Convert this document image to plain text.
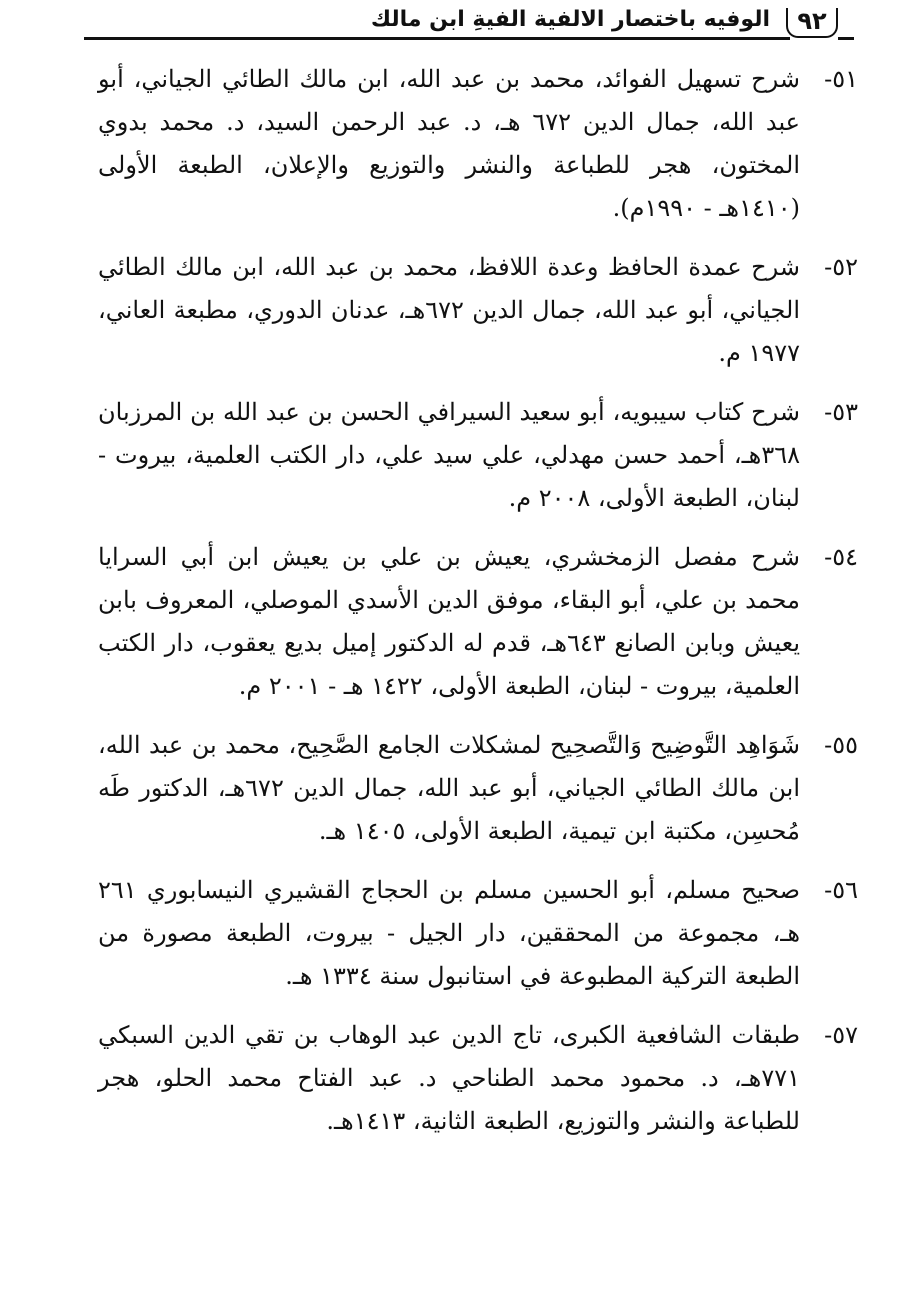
٩٢
الوفيه باختصار الالفية الفيةِ ابن مالك
٥١-
شرح تسهيل الفوائد، محمد بن عبد الله، ابن مالك الطائي الجياني، أبو عبد الله، جمال الدين ٦٧٢ هـ، د. عبد الرحمن السيد، د. محمد بدوي المختون، هجر للطباعة والنشر والتوزيع والإعلان، الطبعة الأولى (١٤١٠هـ - ١٩٩٠م).
٥٢-
شرح عمدة الحافظ وعدة اللافظ، محمد بن عبد الله، ابن مالك الطائي الجياني، أبو عبد الله، جمال الدين ٦٧٢هـ، عدنان الدوري، مطبعة العاني، ١٩٧٧ م.
٥٣-
شرح كتاب سيبويه، أبو سعيد السيرافي الحسن بن عبد الله بن المرزبان ٣٦٨هـ، أحمد حسن مهدلي، علي سيد علي، دار الكتب العلمية، بيروت - لبنان، الطبعة الأولى، ٢٠٠٨ م.
٥٤-
شرح مفصل الزمخشري، يعيش بن علي بن يعيش ابن أبي السرايا محمد بن علي، أبو البقاء، موفق الدين الأسدي الموصلي، المعروف بابن يعيش وبابن الصانع ٦٤٣هـ، قدم له الدكتور إميل بديع يعقوب، دار الكتب العلمية، بيروت - لبنان، الطبعة الأولى، ١٤٢٢ هـ - ٢٠٠١ م.
٥٥-
شَوَاهِد التَّوضِيح وَالتَّصحِيح لمشكلات الجامع الصَّحِيح، محمد بن عبد الله، ابن مالك الطائي الجياني، أبو عبد الله، جمال الدين ٦٧٢هـ، الدكتور طَه مُحسِن، مكتبة ابن تيمية، الطبعة الأولى، ١٤٠٥ هـ.
٥٦-
صحيح مسلم، أبو الحسين مسلم بن الحجاج القشيري النيسابوري ٢٦١ هـ، مجموعة من المحققين، دار الجيل - بيروت، الطبعة مصورة من الطبعة التركية المطبوعة في استانبول سنة ١٣٣٤ هـ.
٥٧-
طبقات الشافعية الكبرى، تاج الدين عبد الوهاب بن تقي الدين السبكي ٧٧١هـ، د. محمود محمد الطناحي د. عبد الفتاح محمد الحلو، هجر للطباعة والنشر والتوزيع، الطبعة الثانية، ١٤١٣هـ.
